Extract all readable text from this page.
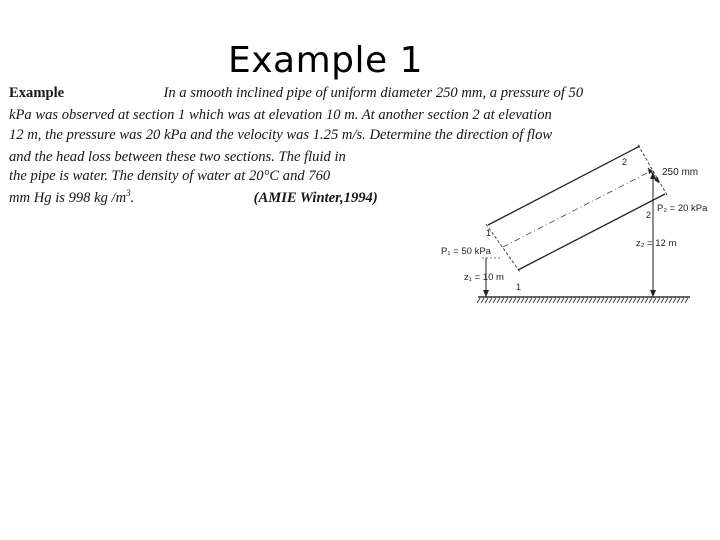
Example 1
Example	In a smooth inclined pipe of uniform diameter 250 mm, a pressure of 50
kPa was observed at section 1 which was at elevation 10 m. At another section 2 at elevation
12 m, the pressure was 20 kPa and the velocity was 1.25 m/s. Determine the direction of flow
and the head loss between these two sections. The fluid in
the pipe is water. The density of water at 20°C and 760
mm Hg is 998 kg $/m^3$.	(AMIE Winter,1994)
2
1
1
2
250 mm
P₂ = 20 kPa
P₁ = 50 kPa
z₂ = 12 m
z₁ = 10 m
